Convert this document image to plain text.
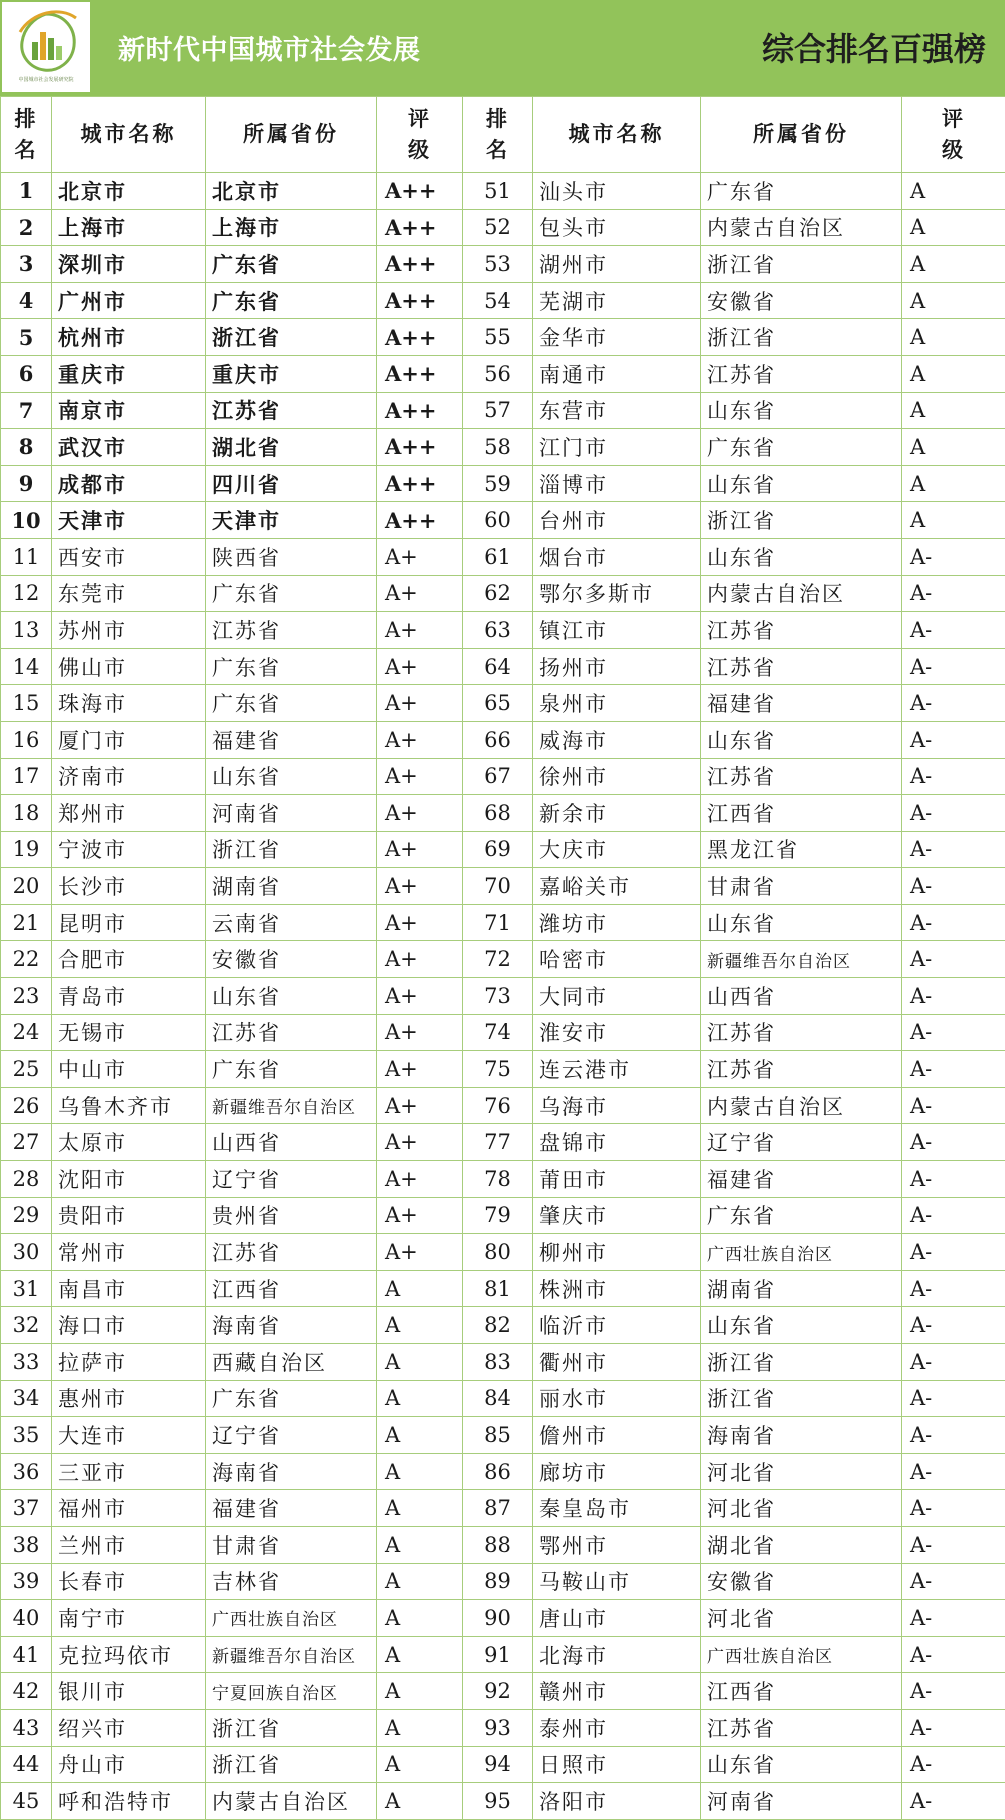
中国城市社会发展研究院
新时代中国城市社会发展	综合排名百强榜
排名	城市名称	所属省份	评级	排名	城市名称	所属省份	评级
1	北京市	北京市	A++	51	汕头市	广东省	A
2	上海市	上海市	A++	52	包头市	内蒙古自治区	A
3	深圳市	广东省	A++	53	湖州市	浙江省	A
4	广州市	广东省	A++	54	芜湖市	安徽省	A
5	杭州市	浙江省	A++	55	金华市	浙江省	A
6	重庆市	重庆市	A++	56	南通市	江苏省	A
7	南京市	江苏省	A++	57	东营市	山东省	A
8	武汉市	湖北省	A++	58	江门市	广东省	A
9	成都市	四川省	A++	59	淄博市	山东省	A
10	天津市	天津市	A++	60	台州市	浙江省	A
11	西安市	陕西省	A+	61	烟台市	山东省	A-
12	东莞市	广东省	A+	62	鄂尔多斯市	内蒙古自治区	A-
13	苏州市	江苏省	A+	63	镇江市	江苏省	A-
14	佛山市	广东省	A+	64	扬州市	江苏省	A-
15	珠海市	广东省	A+	65	泉州市	福建省	A-
16	厦门市	福建省	A+	66	威海市	山东省	A-
17	济南市	山东省	A+	67	徐州市	江苏省	A-
18	郑州市	河南省	A+	68	新余市	江西省	A-
19	宁波市	浙江省	A+	69	大庆市	黑龙江省	A-
20	长沙市	湖南省	A+	70	嘉峪关市	甘肃省	A-
21	昆明市	云南省	A+	71	潍坊市	山东省	A-
22	合肥市	安徽省	A+	72	哈密市	新疆维吾尔自治区	A-
23	青岛市	山东省	A+	73	大同市	山西省	A-
24	无锡市	江苏省	A+	74	淮安市	江苏省	A-
25	中山市	广东省	A+	75	连云港市	江苏省	A-
26	乌鲁木齐市	新疆维吾尔自治区	A+	76	乌海市	内蒙古自治区	A-
27	太原市	山西省	A+	77	盘锦市	辽宁省	A-
28	沈阳市	辽宁省	A+	78	莆田市	福建省	A-
29	贵阳市	贵州省	A+	79	肇庆市	广东省	A-
30	常州市	江苏省	A+	80	柳州市	广西壮族自治区	A-
31	南昌市	江西省	A	81	株洲市	湖南省	A-
32	海口市	海南省	A	82	临沂市	山东省	A-
33	拉萨市	西藏自治区	A	83	衢州市	浙江省	A-
34	惠州市	广东省	A	84	丽水市	浙江省	A-
35	大连市	辽宁省	A	85	儋州市	海南省	A-
36	三亚市	海南省	A	86	廊坊市	河北省	A-
37	福州市	福建省	A	87	秦皇岛市	河北省	A-
38	兰州市	甘肃省	A	88	鄂州市	湖北省	A-
39	长春市	吉林省	A	89	马鞍山市	安徽省	A-
40	南宁市	广西壮族自治区	A	90	唐山市	河北省	A-
41	克拉玛依市	新疆维吾尔自治区	A	91	北海市	广西壮族自治区	A-
42	银川市	宁夏回族自治区	A	92	赣州市	江西省	A-
43	绍兴市	浙江省	A	93	泰州市	江苏省	A-
44	舟山市	浙江省	A	94	日照市	山东省	A-
45	呼和浩特市	内蒙古自治区	A	95	洛阳市	河南省	A-
